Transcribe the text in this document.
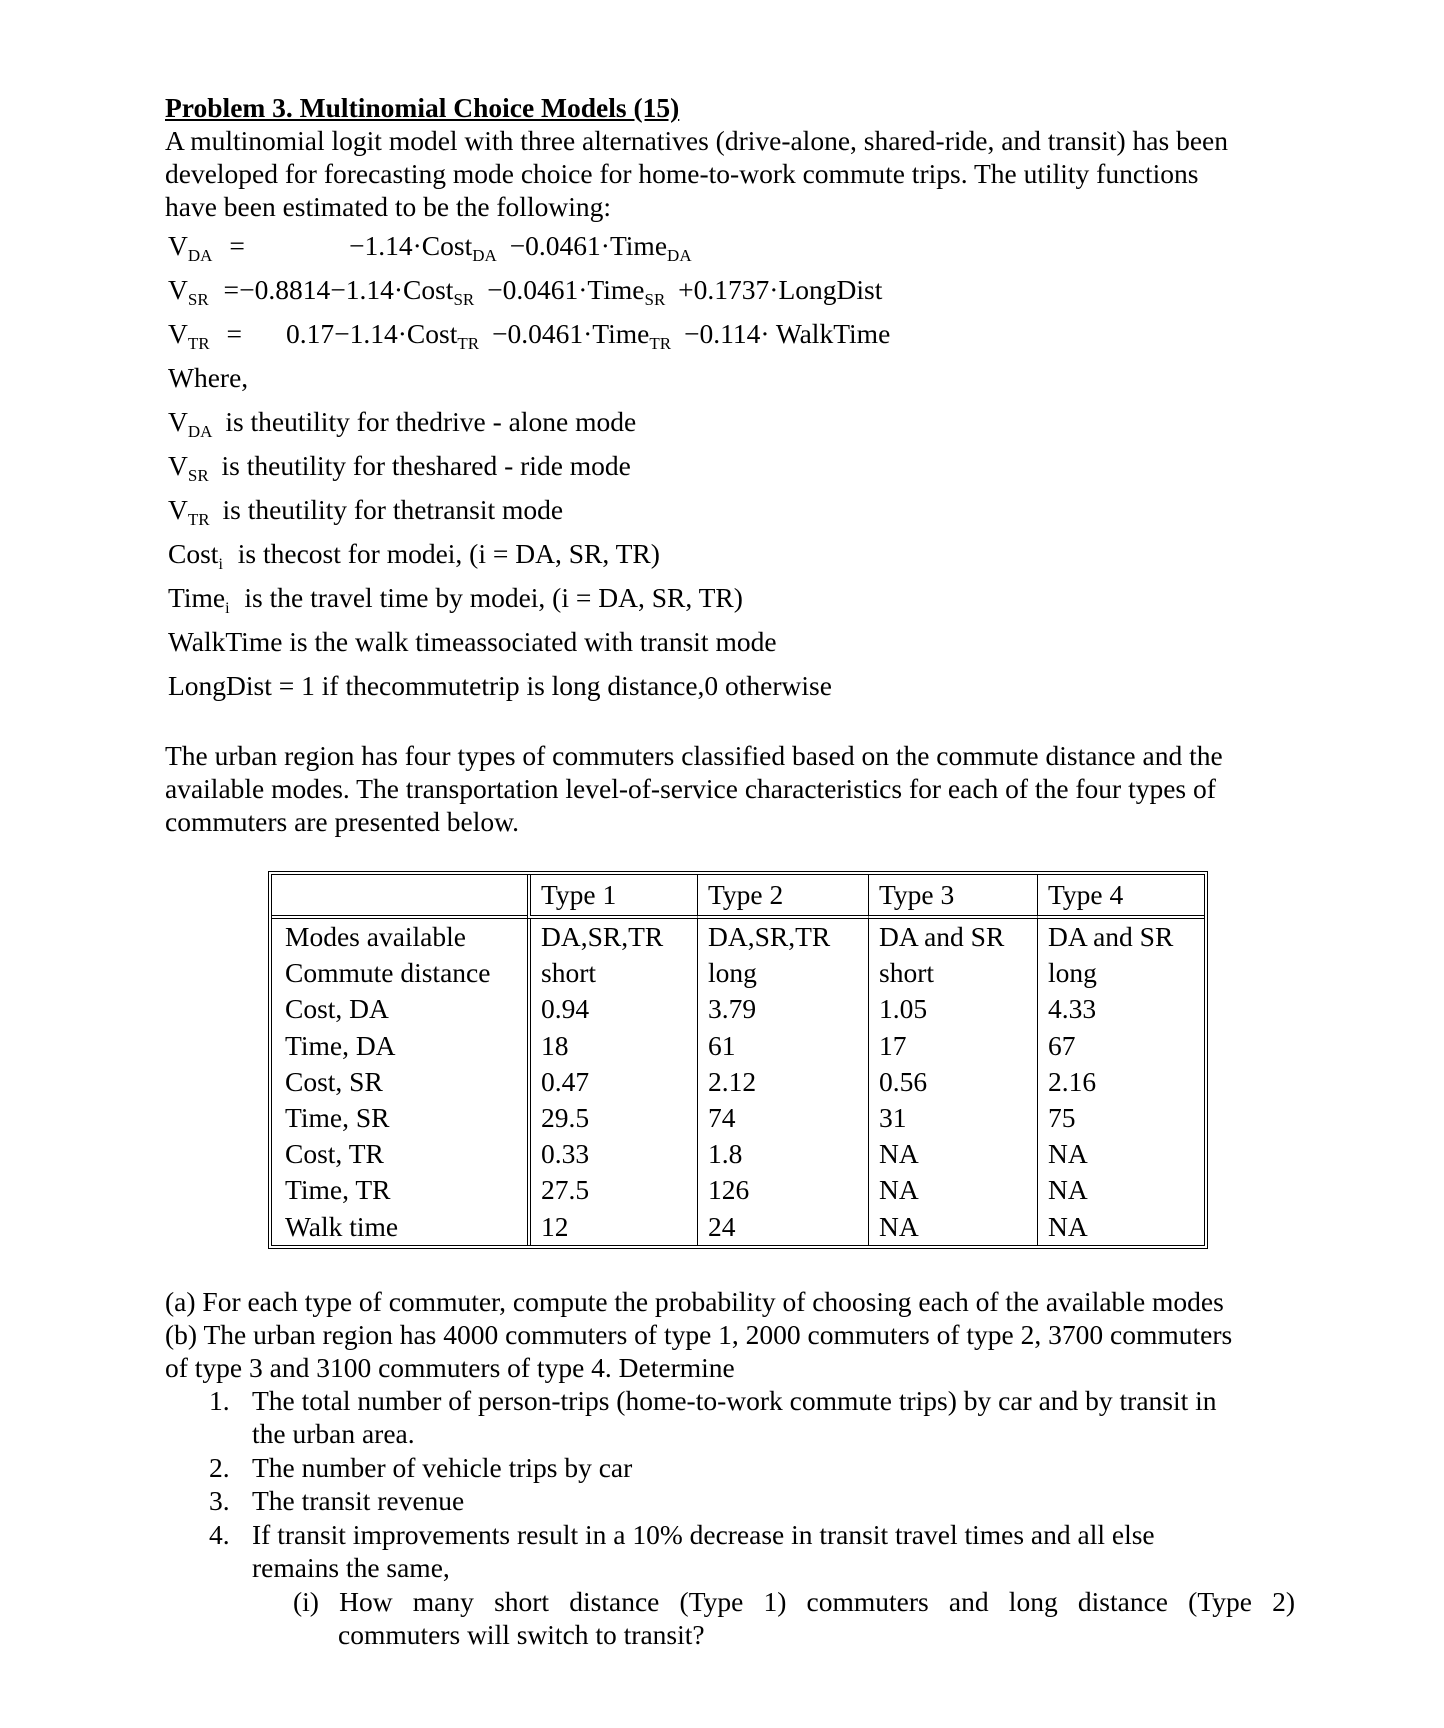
Problem 3. Multinomial Choice Models (15)
A multinomial logit model with three alternatives (drive-alone, shared-ride, and transit) has been
developed for forecasting mode choice for home-to-work commute trips. The utility functions
have been estimated to be the following:
$V_{DA}$ =	−1.14·Cost$_{DA}$ −0.0461·Time$_{DA}$
$V_{SR}$ =−0.8814−1.14·Cost$_{SR}$ −0.0461·Time$_{SR}$ +0.1737·LongDist
$V_{TR}$ = 0.17−1.14·Cost$_{TR}$ −0.0461·Time$_{TR}$ −0.114· WalkTime
Where,
$V_{DA}$ is theutility for thedrive - alone mode
$V_{SR}$ is theutility for theshared - ride mode
$V_{TR}$ is theutility for thetransit mode
Cost$_i$ is thecost for modei, (i = DA, SR, TR)
Time$_i$ is the travel time by modei, (i = DA, SR, TR)
WalkTime is the walk timeassociated with transit mode
LongDist = 1 if thecommutetrip is long distance,0 otherwise
The urban region has four types of commuters classified based on the commute distance and the
available modes. The transportation level-of-service characteristics for each of the four types of
commuters are presented below.
	Type 1	Type 2	Type 3	Type 4
Modes available	DA,SR,TR	DA,SR,TR	DA and SR	DA and SR
Commute distance	short	long	short	long
Cost, DA	0.94	3.79	1.05	4.33
Time, DA	18	61	17	67
Cost, SR	0.47	2.12	0.56	2.16
Time, SR	29.5	74	31	75
Cost, TR	0.33	1.8	NA	NA
Time, TR	27.5	126	NA	NA
Walk time	12	24	NA	NA
(a) For each type of commuter, compute the probability of choosing each of the available modes
(b) The urban region has 4000 commuters of type 1, 2000 commuters of type 2, 3700 commuters
of type 3 and 3100 commuters of type 4. Determine
1. The total number of person-trips (home-to-work commute trips) by car and by transit in
the urban area.
2. The number of vehicle trips by car
3. The transit revenue
4. If transit improvements result in a 10% decrease in transit travel times and all else
remains the same,
(i) How many short distance (Type 1) commuters and long distance (Type 2)
commuters will switch to transit?
